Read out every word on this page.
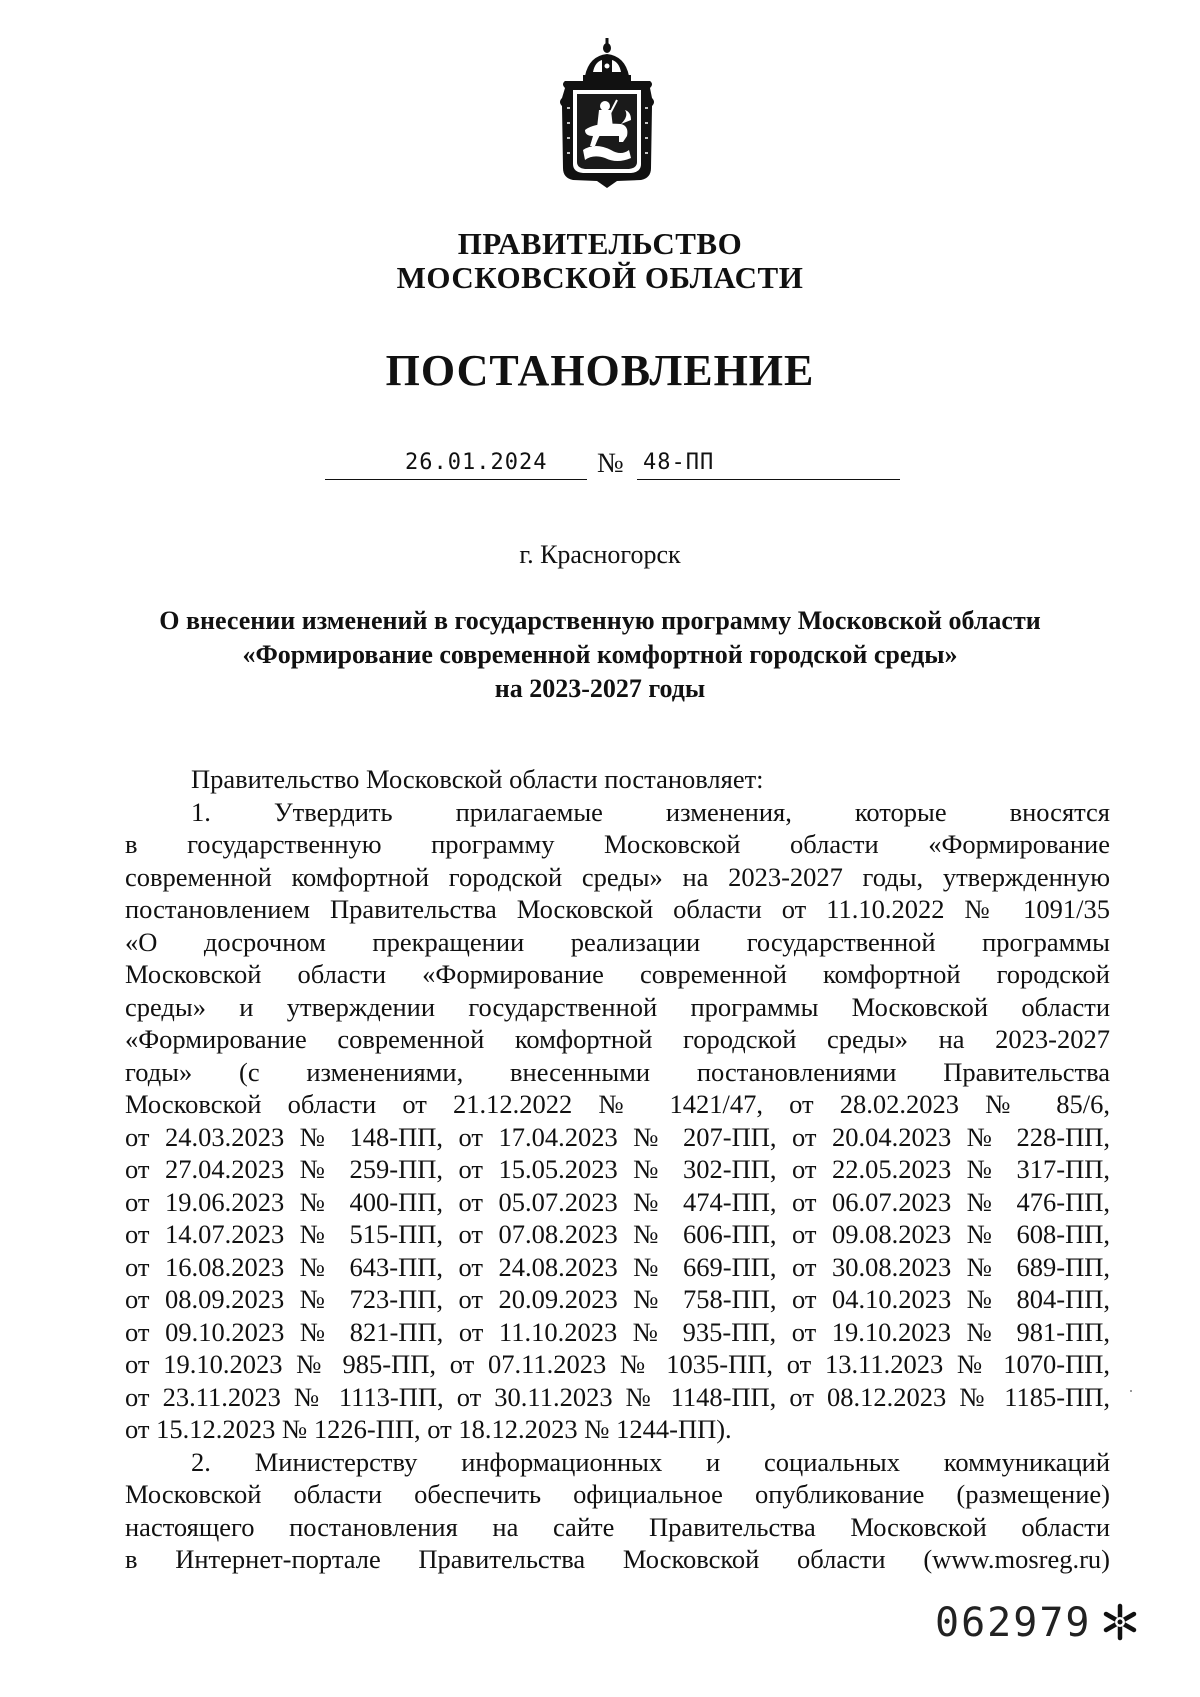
ПРАВИТЕЛЬСТВО
МОСКОВСКОЙ ОБЛАСТИ
ПОСТАНОВЛЕНИЕ
26.01.2024 № 48-ПП
г. Красногорск
О внесении изменений в государственную программу Московской области
«Формирование современной комфортной городской среды»
на 2023-2027 годы
Правительство Московской области постановляет:
1. Утвердить прилагаемые изменения, которые вносятся
в государственную программу Московской области «Формирование
современной комфортной городской среды» на 2023-2027 годы, утвержденную
постановлением Правительства Московской области от 11.10.2022 № 1091/35
«О досрочном прекращении реализации государственной программы
Московской области «Формирование современной комфортной городской
среды» и утверждении государственной программы Московской области
«Формирование современной комфортной городской среды» на 2023-2027
годы» (с изменениями, внесенными постановлениями Правительства
Московской области от 21.12.2022 № 1421/47, от 28.02.2023 № 85/6,
от 24.03.2023 № 148-ПП, от 17.04.2023 № 207-ПП, от 20.04.2023 № 228-ПП,
от 27.04.2023 № 259-ПП, от 15.05.2023 № 302-ПП, от 22.05.2023 № 317-ПП,
от 19.06.2023 № 400-ПП, от 05.07.2023 № 474-ПП, от 06.07.2023 № 476-ПП,
от 14.07.2023 № 515-ПП, от 07.08.2023 № 606-ПП, от 09.08.2023 № 608-ПП,
от 16.08.2023 № 643-ПП, от 24.08.2023 № 669-ПП, от 30.08.2023 № 689-ПП,
от 08.09.2023 № 723-ПП, от 20.09.2023 № 758-ПП, от 04.10.2023 № 804-ПП,
от 09.10.2023 № 821-ПП, от 11.10.2023 № 935-ПП, от 19.10.2023 № 981-ПП,
от 19.10.2023 № 985-ПП, от 07.11.2023 № 1035-ПП, от 13.11.2023 № 1070-ПП,
от 23.11.2023 № 1113-ПП, от 30.11.2023 № 1148-ПП, от 08.12.2023 № 1185-ПП,
от 15.12.2023 № 1226-ПП, от 18.12.2023 № 1244-ПП).
2. Министерству информационных и социальных коммуникаций
Московской области обеспечить официальное опубликование (размещение)
настоящего постановления на сайте Правительства Московской области
в Интернет-портале Правительства Московской области (www.mosreg.ru)
062979
